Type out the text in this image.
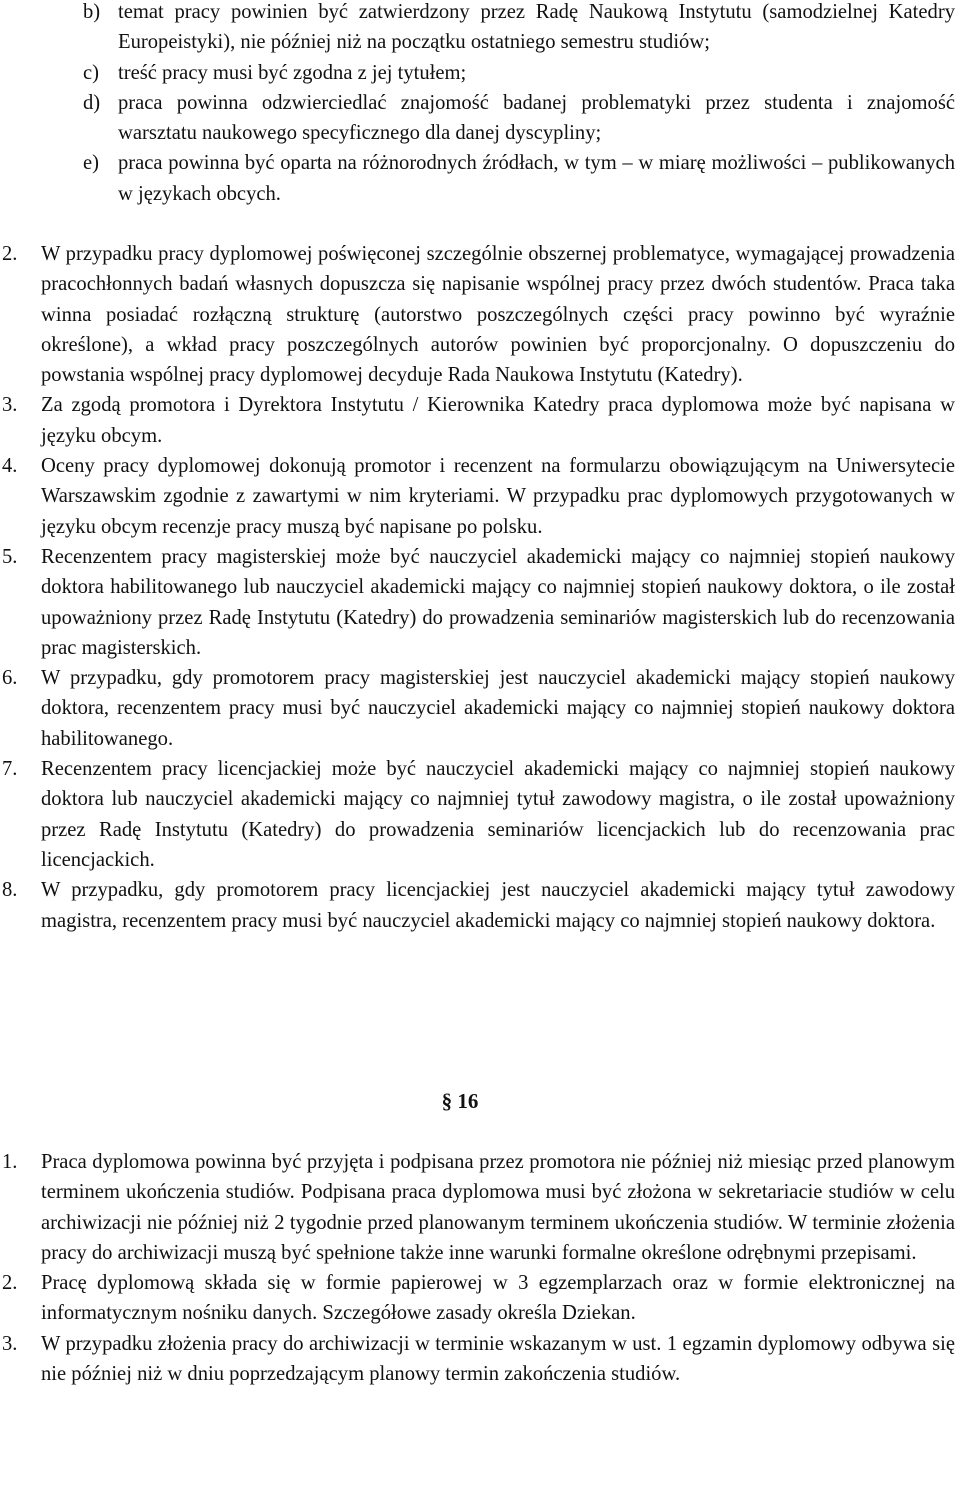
b) temat pracy powinien być zatwierdzony przez Radę Naukową Instytutu (samodzielnej Katedry Europeistyki), nie później niż na początku ostatniego semestru studiów;
c) treść pracy musi być zgodna z jej tytułem;
d) praca powinna odzwierciedlać znajomość badanej problematyki przez studenta i znajomość warsztatu naukowego specyficznego dla danej dyscypliny;
e) praca powinna być oparta na różnorodnych źródłach, w tym – w miarę możliwości – publikowanych w językach obcych.
2. W przypadku pracy dyplomowej poświęconej szczególnie obszernej problematyce, wymagającej prowadzenia pracochłonnych badań własnych dopuszcza się napisanie wspólnej pracy przez dwóch studentów. Praca taka winna posiadać rozłączną strukturę (autorstwo poszczególnych części pracy powinno być wyraźnie określone), a wkład pracy poszczególnych autorów powinien być proporcjonalny. O dopuszczeniu do powstania wspólnej pracy dyplomowej decyduje Rada Naukowa Instytutu (Katedry).
3. Za zgodą promotora i Dyrektora Instytutu / Kierownika Katedry praca dyplomowa może być napisana w języku obcym.
4. Oceny pracy dyplomowej dokonują promotor i recenzent na formularzu obowiązującym na Uniwersytecie Warszawskim zgodnie z zawartymi w nim kryteriami. W przypadku prac dyplomowych przygotowanych w języku obcym recenzje pracy muszą być napisane po polsku.
5. Recenzentem pracy magisterskiej może być nauczyciel akademicki mający co najmniej stopień naukowy doktora habilitowanego lub nauczyciel akademicki mający co najmniej stopień naukowy doktora, o ile został upoważniony przez Radę Instytutu (Katedry) do prowadzenia seminariów magisterskich lub do recenzowania prac magisterskich.
6. W przypadku, gdy promotorem pracy magisterskiej jest nauczyciel akademicki mający stopień naukowy doktora, recenzentem pracy musi być nauczyciel akademicki mający co najmniej stopień naukowy doktora habilitowanego.
7. Recenzentem pracy licencjackiej może być nauczyciel akademicki mający co najmniej stopień naukowy doktora lub nauczyciel akademicki mający co najmniej tytuł zawodowy magistra, o ile został upoważniony przez Radę Instytutu (Katedry) do prowadzenia seminariów licencjackich lub do recenzowania prac licencjackich.
8. W przypadku, gdy promotorem pracy licencjackiej jest nauczyciel akademicki mający tytuł zawodowy magistra, recenzentem pracy musi być nauczyciel akademicki mający co najmniej stopień naukowy doktora.
§ 16
1. Praca dyplomowa powinna być przyjęta i podpisana przez promotora nie później niż miesiąc przed planowym terminem ukończenia studiów. Podpisana praca dyplomowa musi być złożona w sekretariacie studiów w celu archiwizacji nie później niż 2 tygodnie przed planowanym terminem ukończenia studiów. W terminie złożenia pracy do archiwizacji muszą być spełnione także inne warunki formalne określone odrębnymi przepisami.
2. Pracę dyplomową składa się w formie papierowej w 3 egzemplarzach oraz w formie elektronicznej na informatycznym nośniku danych. Szczegółowe zasady określa Dziekan.
3. W przypadku złożenia pracy do archiwizacji w terminie wskazanym w ust. 1 egzamin dyplomowy odbywa się nie później niż w dniu poprzedzającym planowy termin zakończenia studiów.
